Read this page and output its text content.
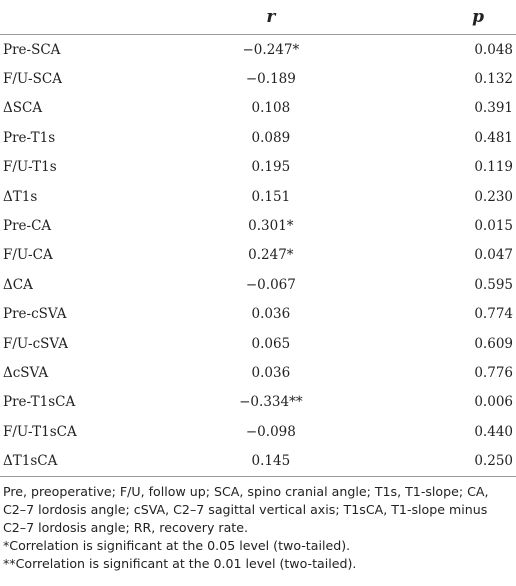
	r	p
Pre-SCA	−0.247*	0.048
F/U-SCA	−0.189	0.132
ΔSCA	0.108	0.391
Pre-T1s	0.089	0.481
F/U-T1s	0.195	0.119
ΔT1s	0.151	0.230
Pre-CA	0.301*	0.015
F/U-CA	0.247*	0.047
ΔCA	−0.067	0.595
Pre-cSVA	0.036	0.774
F/U-cSVA	0.065	0.609
ΔcSVA	0.036	0.776
Pre-T1sCA	−0.334**	0.006
F/U-T1sCA	−0.098	0.440
ΔT1sCA	0.145	0.250

Pre, preoperative; F/U, follow up; SCA, spino cranial angle; T1s, T1-slope; CA, C2–7 lordosis angle; cSVA, C2–7 sagittal vertical axis; T1sCA, T1-slope minus C2–7 lordosis angle; RR, recovery rate.

*Correlation is significant at the 0.05 level (two-tailed).

**Correlation is significant at the 0.01 level (two-tailed).
